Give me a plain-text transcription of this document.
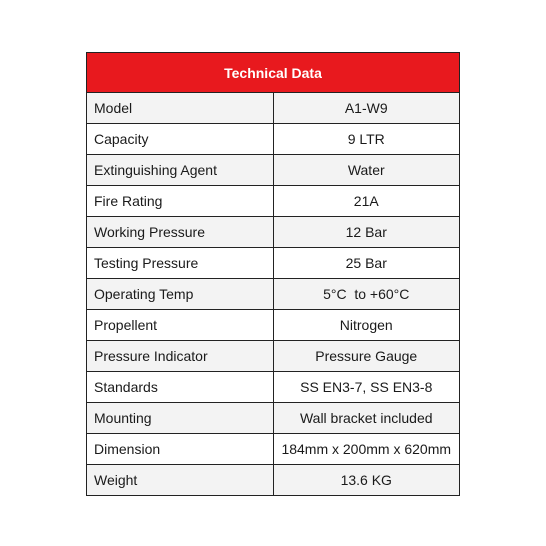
Technical Data	
Model	A1-W9
Capacity	9 LTR
Extinguishing Agent	Water
Fire Rating	21A
Working Pressure	12 Bar
Testing Pressure	25 Bar
Operating Temp	5°C  to +60°C
Propellent	Nitrogen
Pressure Indicator	Pressure Gauge
Standards	SS EN3-7, SS EN3-8
Mounting	Wall bracket included
Dimension	184mm x 200mm x 620mm
Weight	13.6 KG
